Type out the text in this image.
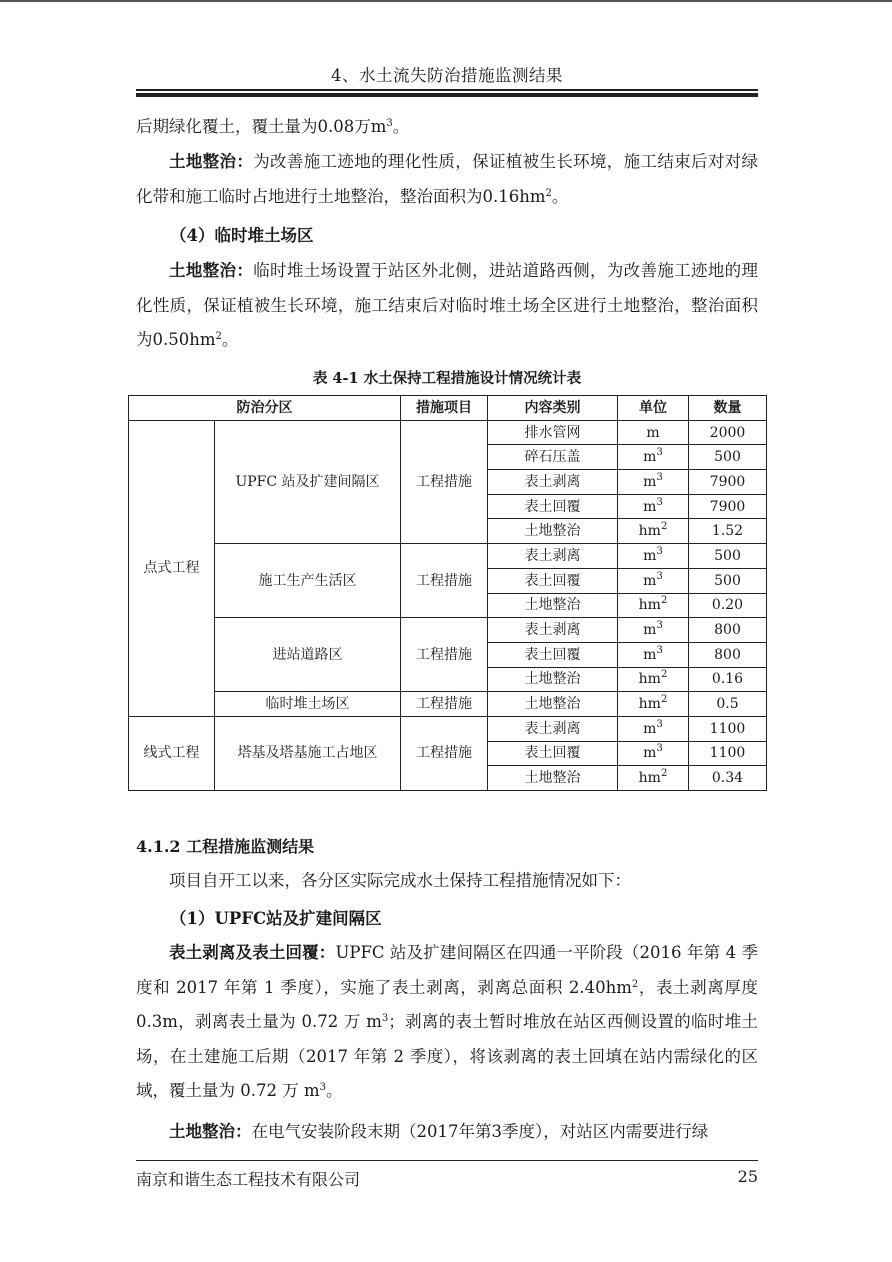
4、水土流失防治措施监测结果

后期绿化覆土，覆土量为0.08万$m^3$。

土地整治：为改善施工迹地的理化性质，保证植被生长环境，施工结束后对对绿化带和施工临时占地进行土地整治，整治面积为$0.16hm^2$。

（4）临时堆土场区

土地整治：临时堆土场设置于站区外北侧，进站道路西侧，为改善施工迹地的理化性质，保证植被生长环境，施工结束后对临时堆土场全区进行土地整治，整治面积为$0.50hm^2$。

表 4-1 水土保持工程措施设计情况统计表
防治分区		措施项目	内容类别	单位	数量
点式工程	UPFC 站及扩建间隔区	工程措施	排水管网	m	2000
			碎石压盖	$m^3$	500
			表土剥离	$m^3$	7900
			表土回覆	$m^3$	7900
			土地整治	$hm^2$	1.52
	施工生产生活区	工程措施	表土剥离	$m^3$	500
			表土回覆	$m^3$	500
			土地整治	$hm^2$	0.20
	进站道路区	工程措施	表土剥离	$m^3$	800
			表土回覆	$m^3$	800
			土地整治	$hm^2$	0.16
	临时堆土场区	工程措施	土地整治	$hm^2$	0.5
线式工程	塔基及塔基施工占地区	工程措施	表土剥离	$m^3$	1100
			表土回覆	$m^3$	1100
			土地整治	$hm^2$	0.34
4.1.2 工程措施监测结果

项目自开工以来，各分区实际完成水土保持工程措施情况如下：

（1）UPFC站及扩建间隔区

表土剥离及表土回覆：UPFC 站及扩建间隔区在四通一平阶段（2016 年第 4 季度和 2017 年第 1 季度），实施了表土剥离，剥离总面积 $2.40hm^2$，表土剥离厚度 0.3m，剥离表土量为 0.72 万 $m^3$；剥离的表土暂时堆放在站区西侧设置的临时堆土场，在土建施工后期（2017 年第 2 季度），将该剥离的表土回填在站内需绿化的区域，覆土量为 0.72 万 $m^3$。

土地整治：在电气安装阶段末期（2017年第3季度），对站区内需要进行绿

南京和谐生态工程技术有限公司	25
